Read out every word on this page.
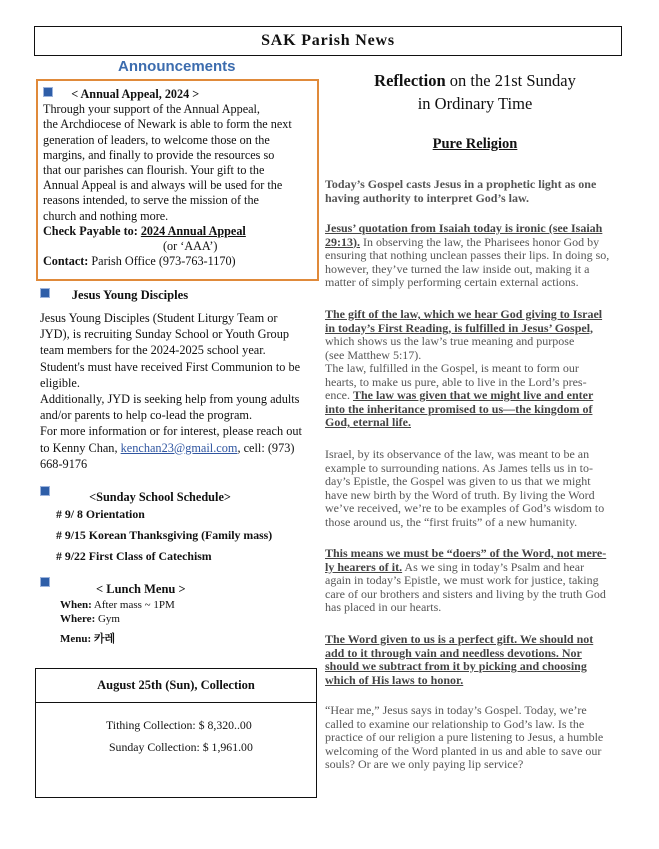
SAK Parish News
Announcements
< Annual Appeal, 2024 >
Through your support of the Annual Appeal,
the Archdiocese of Newark is able to form the next
generation of leaders, to welcome those on the
margins, and finally to provide the resources so
that our parishes can flourish. Your gift to the
Annual Appeal is and always will be used for the
reasons intended, to serve the mission of the
church and nothing more.
Check Payable to: 2024 Annual Appeal
(or ‘AAA’)
Contact: Parish Office (973-763-1170)
Jesus Young Disciples
Jesus Young Disciples (Student Liturgy Team or
JYD), is recruiting Sunday School or Youth Group
team members for the 2024-2025 school year.
Student's must have received First Communion to be
eligible.
Additionally, JYD is seeking help from young adults
and/or parents to help co-lead the program.
For more information or for interest, please reach out
to Kenny Chan, kenchan23@gmail.com, cell: (973)
668-9176
<Sunday School Schedule>
# 9/ 8 Orientation
# 9/15 Korean Thanksgiving (Family mass)
# 9/22 First Class of Catechism
< Lunch Menu >
When: After mass ~ 1PM
Where: Gym
Menu: 카레
August 25th (Sun), Collection
Tithing Collection: $ 8,320..00
Sunday Collection: $ 1,961.00
Reflection on the 21st Sunday
in Ordinary Time
Pure Religion
Today’s Gospel casts Jesus in a prophetic light as one
having authority to interpret God’s law.
Jesus’ quotation from Isaiah today is ironic (see Isaiah
29:13). In observing the law, the Pharisees honor God by
ensuring that nothing unclean passes their lips. In doing so,
however, they’ve turned the law inside out, making it a
matter of simply performing certain external actions.
The gift of the law, which we hear God giving to Israel
in today’s First Reading, is fulfilled in Jesus’ Gospel,
which shows us the law’s true meaning and purpose
(see Matthew 5:17).
The law, fulfilled in the Gospel, is meant to form our
hearts, to make us pure, able to live in the Lord’s pres-
ence. The law was given that we might live and enter
into the inheritance promised to us—the kingdom of
God, eternal life.
Israel, by its observance of the law, was meant to be an
example to surrounding nations. As James tells us in to-
day’s Epistle, the Gospel was given to us that we might
have new birth by the Word of truth. By living the Word
we’ve received, we’re to be examples of God’s wisdom to
those around us, the “first fruits” of a new humanity.
This means we must be “doers” of the Word, not mere-
ly hearers of it. As we sing in today’s Psalm and hear
again in today’s Epistle, we must work for justice, taking
care of our brothers and sisters and living by the truth God
has placed in our hearts.
The Word given to us is a perfect gift. We should not
add to it through vain and needless devotions. Nor
should we subtract from it by picking and choosing
which of His laws to honor.
“Hear me,” Jesus says in today’s Gospel. Today, we’re
called to examine our relationship to God’s law. Is the
practice of our religion a pure listening to Jesus, a humble
welcoming of the Word planted in us and able to save our
souls? Or are we only paying lip service?
